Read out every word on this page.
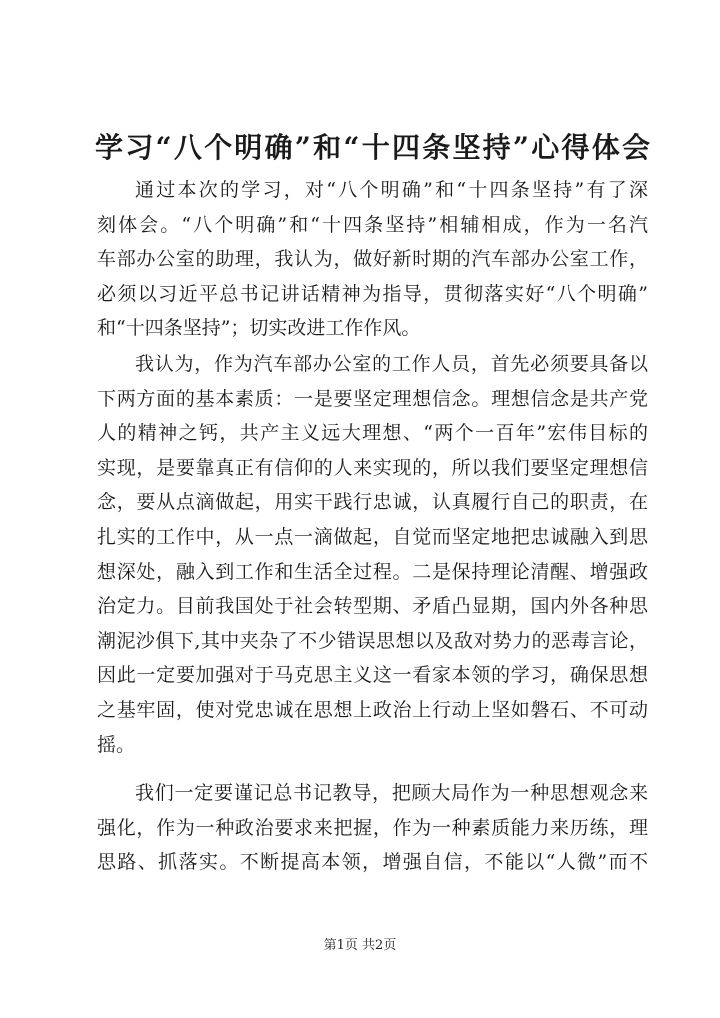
学习“八个明确”和“十四条坚持”心得体会

通过本次的学习，对“八个明确”和“十四条坚持”有了深
刻体会。“八个明确”和“十四条坚持”相辅相成，作为一名汽
车部办公室的助理，我认为，做好新时期的汽车部办公室工作，
必须以习近平总书记讲话精神为指导，贯彻落实好“八个明确”
和“十四条坚持”；切实改进工作作风。

我认为，作为汽车部办公室的工作人员，首先必须要具备以
下两方面的基本素质：一是要坚定理想信念。理想信念是共产党
人的精神之钙，共产主义远大理想、“两个一百年”宏伟目标的
实现，是要靠真正有信仰的人来实现的，所以我们要坚定理想信
念，要从点滴做起，用实干践行忠诚，认真履行自己的职责，在
扎实的工作中，从一点一滴做起，自觉而坚定地把忠诚融入到思
想深处，融入到工作和生活全过程。二是保持理论清醒、增强政
治定力。目前我国处于社会转型期、矛盾凸显期，国内外各种思
潮泥沙俱下,其中夹杂了不少错误思想以及敌对势力的恶毒言论，
因此一定要加强对于马克思主义这一看家本领的学习，确保思想
之基牢固，使对党忠诚在思想上政治上行动上坚如磐石、不可动
摇。

我们一定要谨记总书记教导，把顾大局作为一种思想观念来
强化，作为一种政治要求来把握，作为一种素质能力来历练，理
思路、抓落实。不断提高本领，增强自信，不能以“人微”而不

第1页 共2页
